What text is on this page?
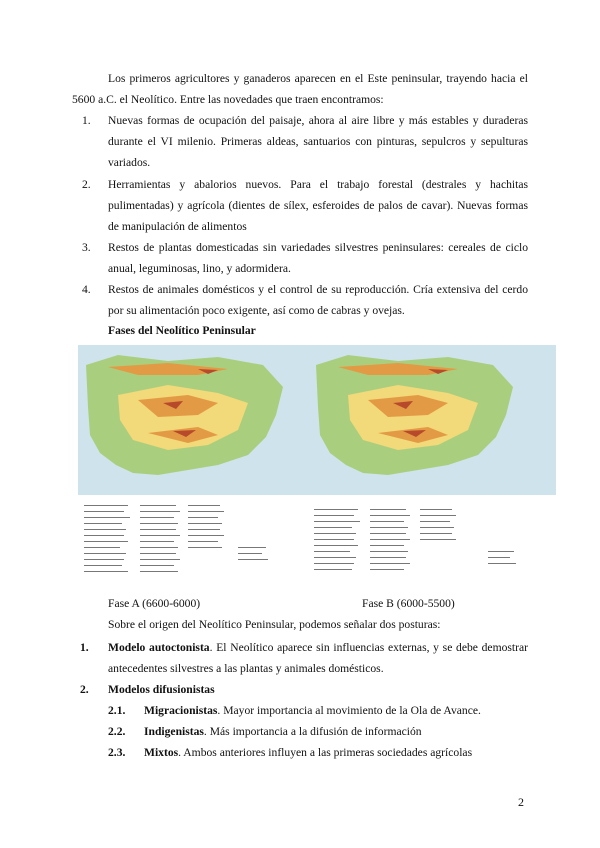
Los primeros agricultores y ganaderos aparecen en el Este peninsular, trayendo hacia el 5600 a.C. el Neolítico. Entre las novedades que traen encontramos:

1.	Nuevas formas de ocupación del paisaje, ahora al aire libre y más estables y duraderas durante el VI milenio. Primeras aldeas, santuarios con pinturas, sepulcros y sepulturas variados.

2.	Herramientas y abalorios nuevos. Para el trabajo forestal (destrales y hachitas pulimentadas) y agrícola (dientes de sílex, esferoides de palos de cavar). Nuevas formas de manipulación de alimentos

3.	Restos de plantas domesticadas sin variedades silvestres peninsulares: cereales de ciclo anual, leguminosas, lino, y adormidera.

4.	Restos de animales domésticos y el control de su reproducción. Cría extensiva del cerdo por su alimentación poco exigente, así como de cabras y ovejas.

Fases del Neolítico Peninsular
Fase A (6600-6000)	Fase B (6000-5500)

Sobre el origen del Neolítico Peninsular, podemos señalar dos posturas:

1.	Modelo autoctonista. El Neolítico aparece sin influencias externas, y se debe demostrar antecedentes silvestres a las plantas y animales domésticos.

2.	Modelos difusionistas

2.1.	Migracionistas. Mayor importancia al movimiento de la Ola de Avance.

2.2.	Indigenistas. Más importancia a la difusión de información

2.3.	Mixtos. Ambos anteriores influyen a las primeras sociedades agrícolas

2
